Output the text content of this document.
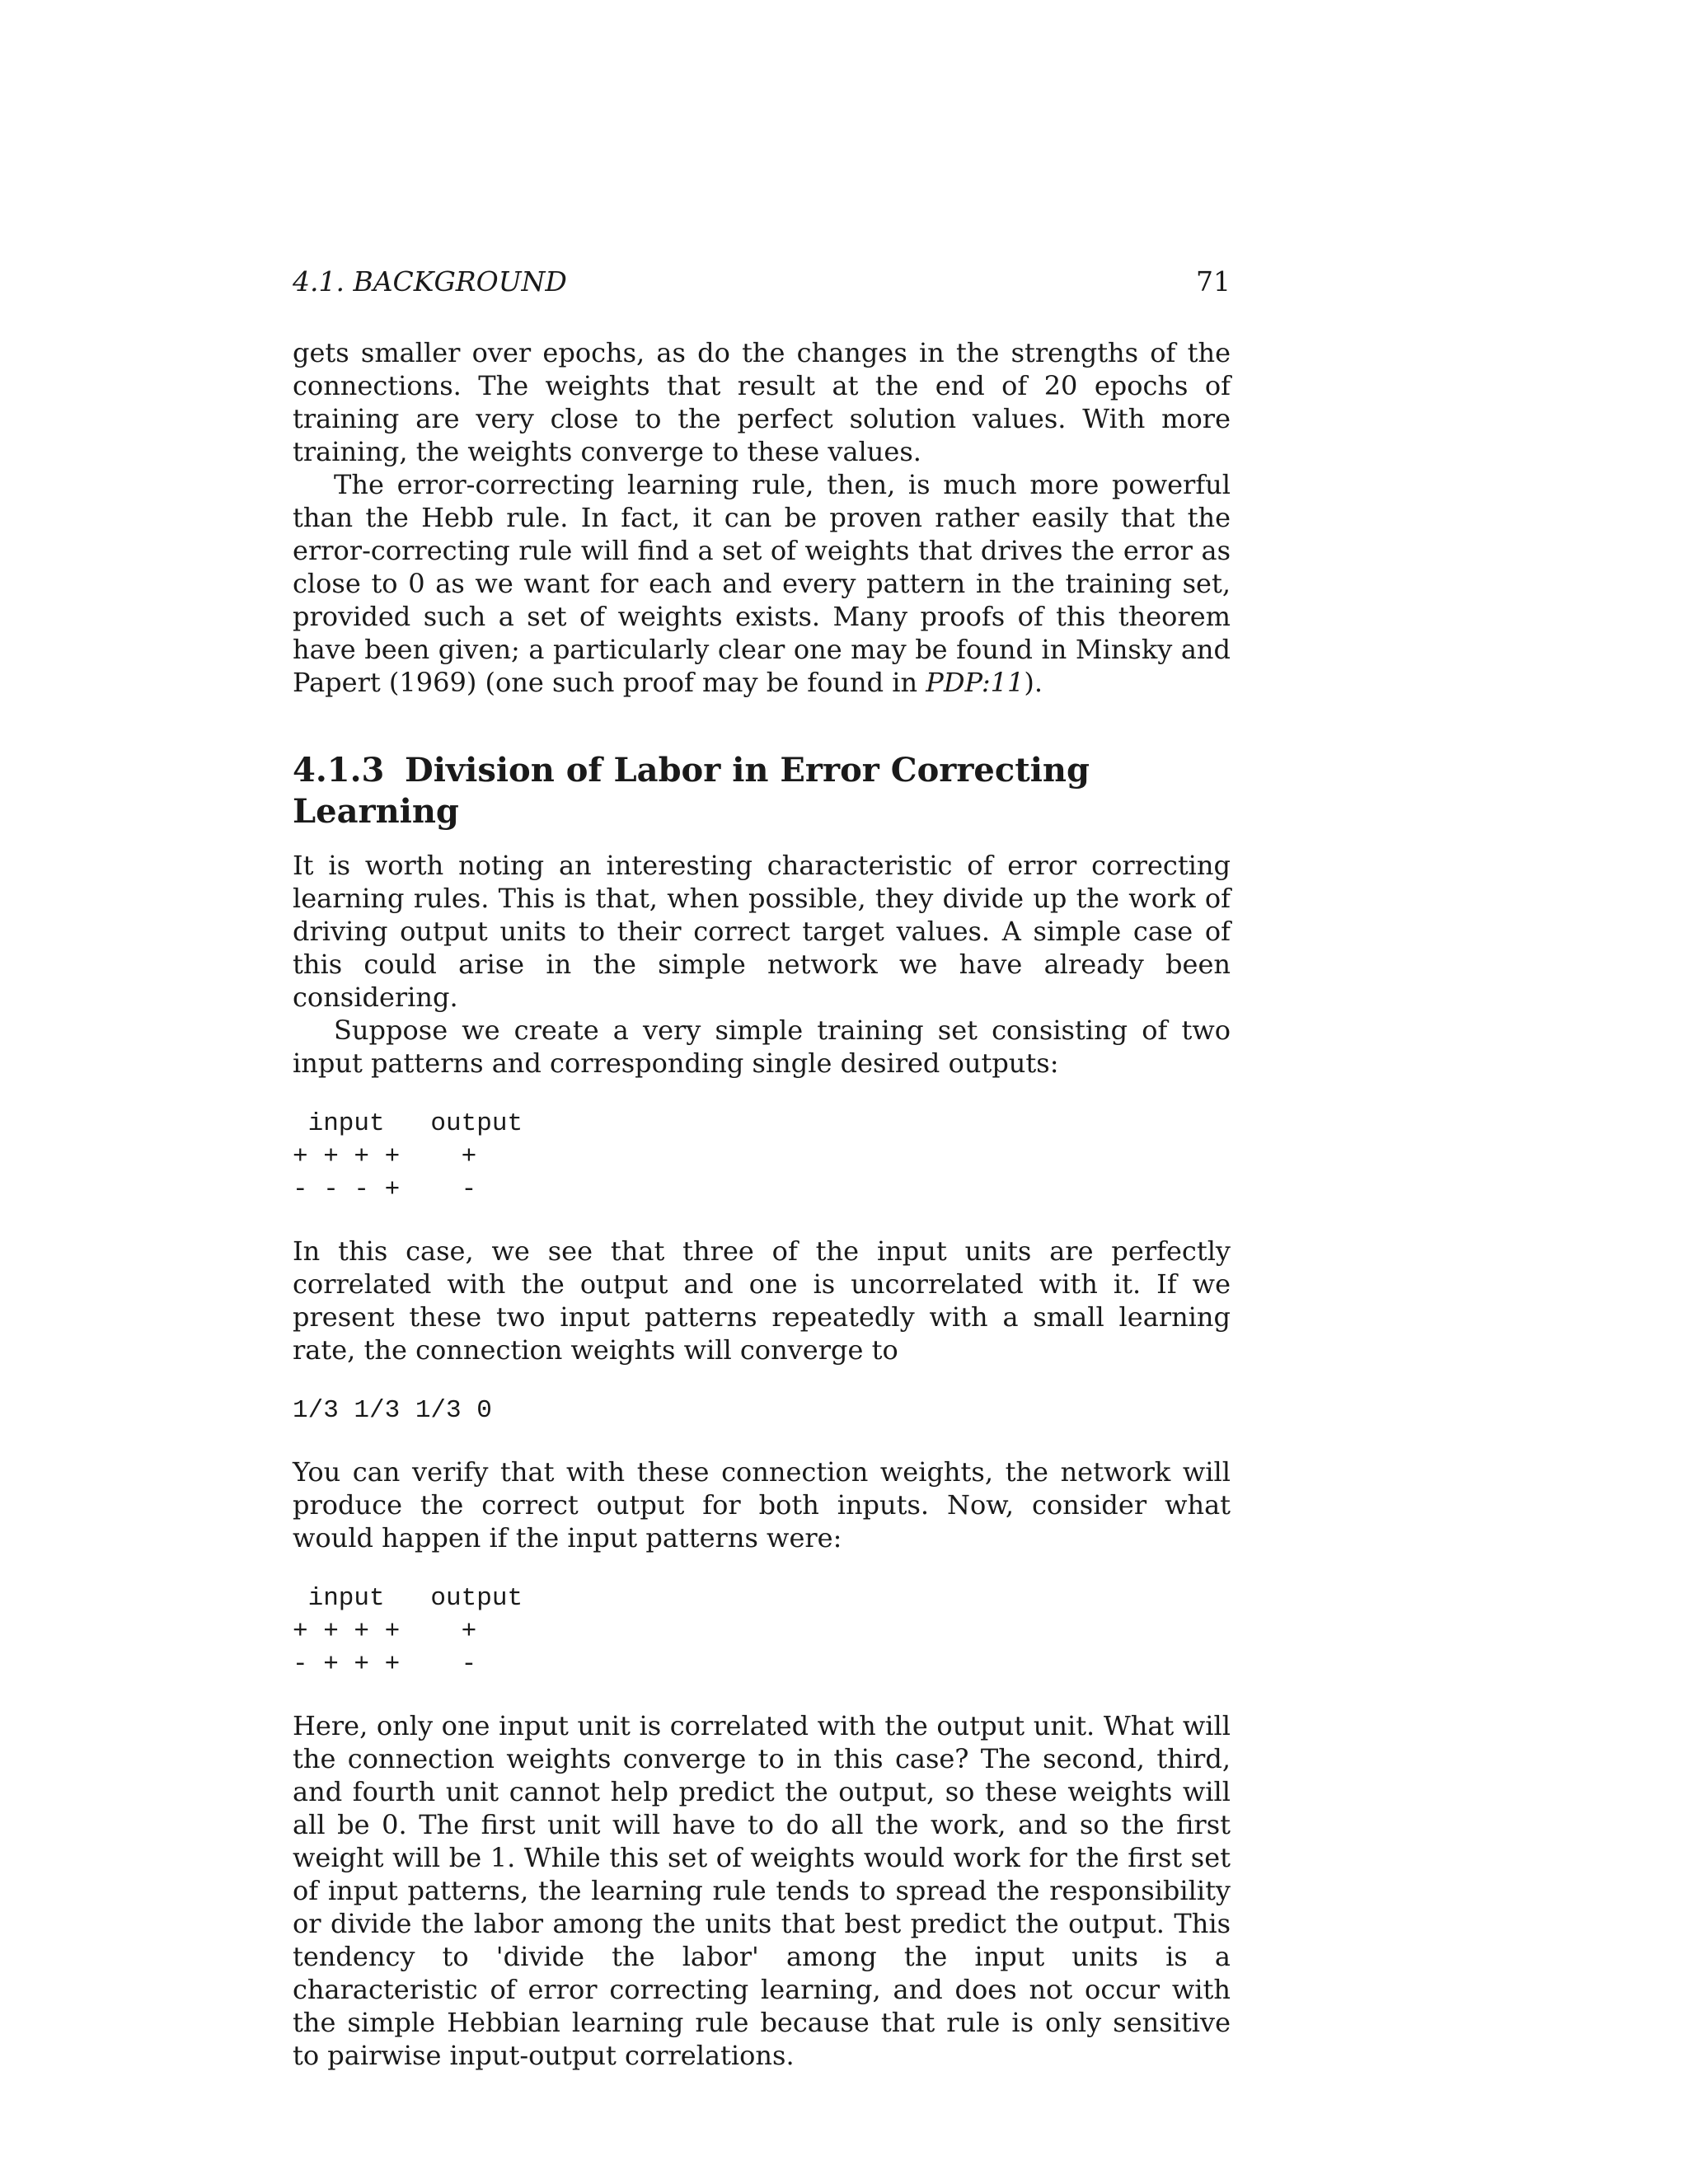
4.1. BACKGROUND	71

gets smaller over epochs, as do the changes in the strengths of the connections. The weights that result at the end of 20 epochs of training are very close to the perfect solution values. With more training, the weights converge to these values.

The error-correcting learning rule, then, is much more powerful than the Hebb rule. In fact, it can be proven rather easily that the error-correcting rule will find a set of weights that drives the error as close to 0 as we want for each and every pattern in the training set, provided such a set of weights exists. Many proofs of this theorem have been given; a particularly clear one may be found in Minsky and Papert (1969) (one such proof may be found in PDP:11).

4.1.3 Division of Labor in Error Correcting Learning

It is worth noting an interesting characteristic of error correcting learning rules. This is that, when possible, they divide up the work of driving output units to their correct target values. A simple case of this could arise in the simple network we have already been considering.

Suppose we create a very simple training set consisting of two input patterns and corresponding single desired outputs:

input   output
+ + + +    +
- - - +    -

In this case, we see that three of the input units are perfectly correlated with the output and one is uncorrelated with it. If we present these two input patterns repeatedly with a small learning rate, the connection weights will converge to

1/3 1/3 1/3 0

You can verify that with these connection weights, the network will produce the correct output for both inputs. Now, consider what would happen if the input patterns were:

input   output
+ + + +    +
- + + +    -

Here, only one input unit is correlated with the output unit. What will the connection weights converge to in this case? The second, third, and fourth unit cannot help predict the output, so these weights will all be 0. The first unit will have to do all the work, and so the first weight will be 1. While this set of weights would work for the first set of input patterns, the learning rule tends to spread the responsibility or divide the labor among the units that best predict the output. This tendency to 'divide the labor' among the input units is a characteristic of error correcting learning, and does not occur with the simple Hebbian learning rule because that rule is only sensitive to pairwise input-output correlations.
